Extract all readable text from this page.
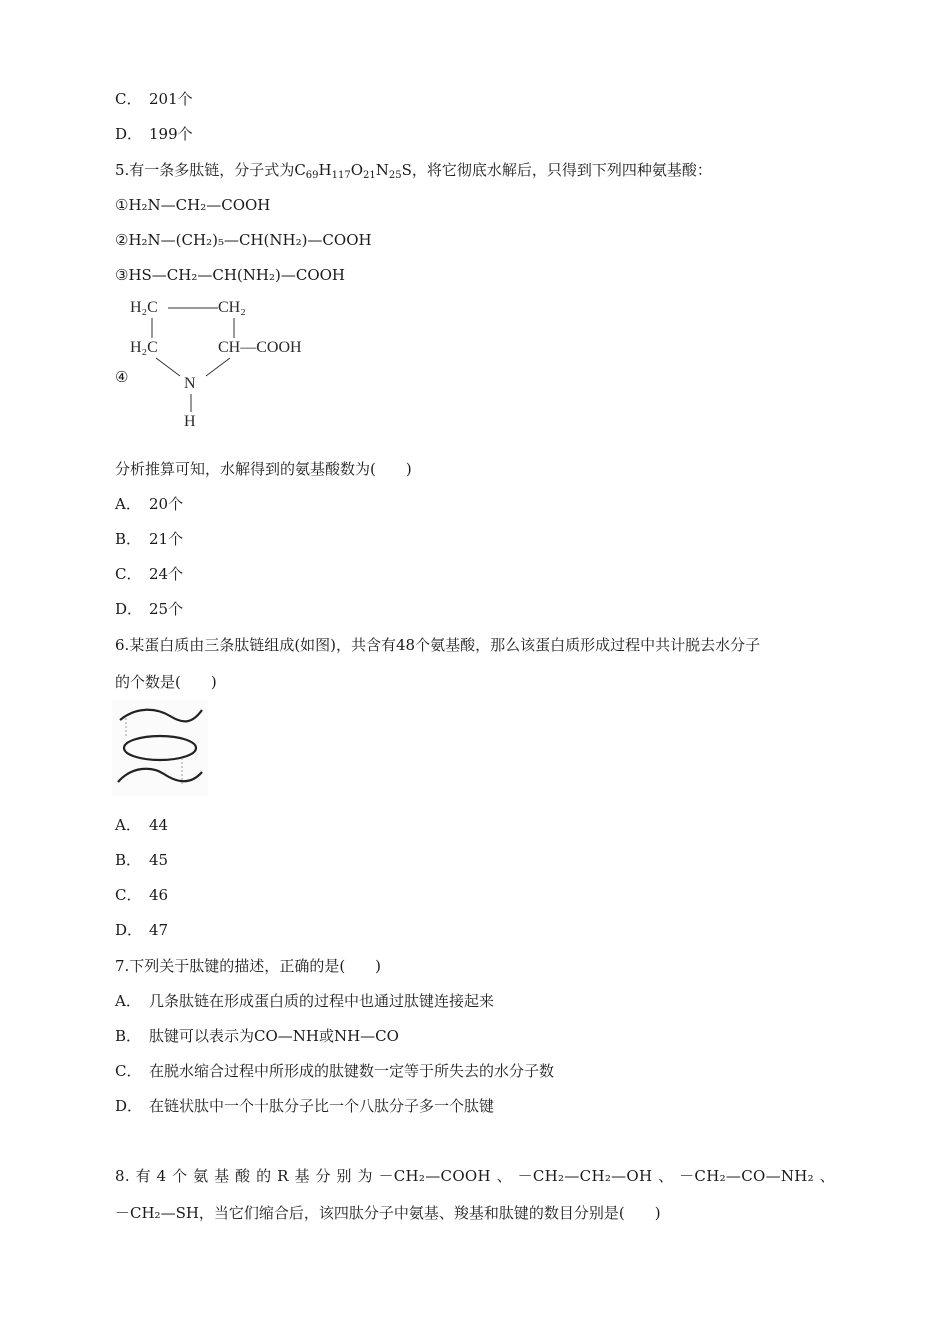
C． 201个
D． 199个
5.有一条多肽链，分子式为$C_{69}H_{117}O_{21}N_{25}S$，将它彻底水解后，只得到下列四种氨基酸：
①H₂N—CH₂—COOH
②H₂N—(CH₂)₅—CH(NH₂)—COOH
③HS—CH₂—CH(NH₂)—COOH
④
H₂C	CH₂
H₂C	CH—COOH
N
H
分析推算可知，水解得到的氨基酸数为(　　)
A． 20个
B． 21个
C． 24个
D． 25个
6.某蛋白质由三条肽链组成(如图)，共含有48个氨基酸，那么该蛋白质形成过程中共计脱去水分子
的个数是(　　)
A． 44
B． 45
C． 46
D． 47
7.下列关于肽键的描述，正确的是(　　)
A． 几条肽链在形成蛋白质的过程中也通过肽键连接起来
B． 肽键可以表示为CO—NH或NH—CO
C． 在脱水缩合过程中所形成的肽键数一定等于所失去的水分子数
D． 在链状肽中一个十肽分子比一个八肽分子多一个肽键
8.有4个氨基酸的R基分别为－CH₂—COOH、－CH₂—CH₂—OH、－CH₂—CO—NH₂、
－CH₂—SH，当它们缩合后，该四肽分子中氨基、羧基和肽键的数目分别是(　　)
